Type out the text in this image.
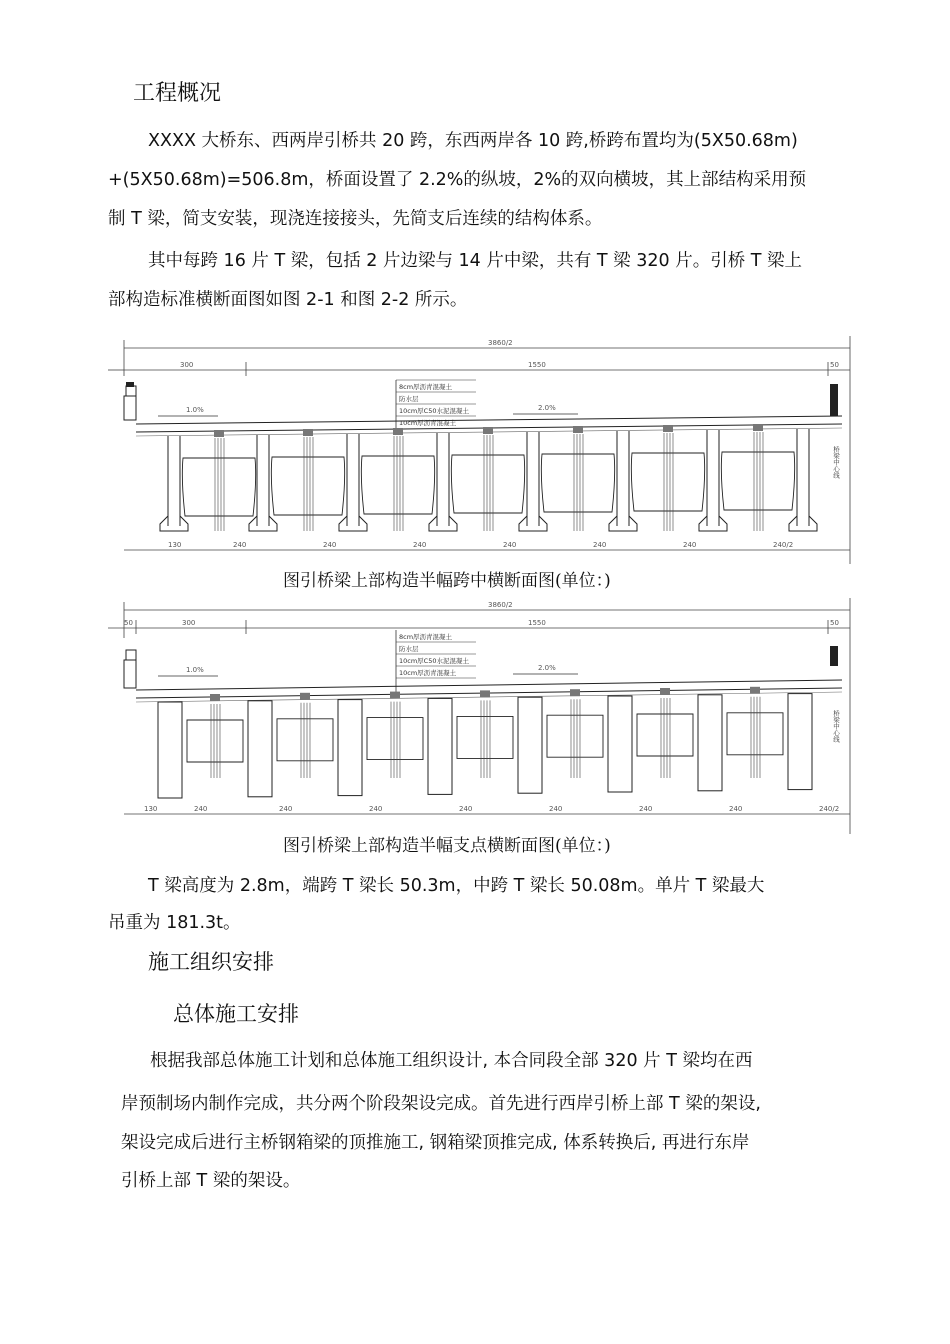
工程概况
XXXX 大桥东、西两岸引桥共 20 跨，东西两岸各 10 跨,桥跨布置均为(5X50.68m)
+(5X50.68m)=506.8m，桥面设置了 2.2%的纵坡，2%的双向横坡，其上部结构采用预
制 T 梁，简支安装，现浇连接接头，先简支后连续的结构体系。
其中每跨 16 片 T 梁，包括 2 片边梁与 14 片中梁，共有 T 梁 320 片。引桥 T 梁上
部构造标准横断面图如图 2-1 和图 2-2 所示。
3860/2
300	1550	50
8cm厚沥青混凝土
防水层
10cm厚C50水泥混凝土
10cm厚沥青混凝土
1.0%	2.0%
桥梁中心线
130	240	240	240	240	240	240	240/2
图引桥梁上部构造半幅跨中横断面图(单位：)
3860/2
50	300	1550	50
8cm厚沥青混凝土
防水层
10cm厚C50水泥混凝土
10cm厚沥青混凝土
1.0%	2.0%
桥梁中心线
130	240	240	240	240	240	240	240	240/2
图引桥梁上部构造半幅支点横断面图(单位：)
T 梁高度为 2.8m，端跨 T 梁长 50.3m，中跨 T 梁长 50.08m。单片 T 梁最大
吊重为 181.3t。
施工组织安排
总体施工安排
根据我部总体施工计划和总体施工组织设计, 本合同段全部 320 片 T 梁均在西
岸预制场内制作完成，共分两个阶段架设完成。首先进行西岸引桥上部 T 梁的架设,
架设完成后进行主桥钢箱梁的顶推施工, 钢箱梁顶推完成, 体系转换后, 再进行东岸
引桥上部 T 梁的架设。
